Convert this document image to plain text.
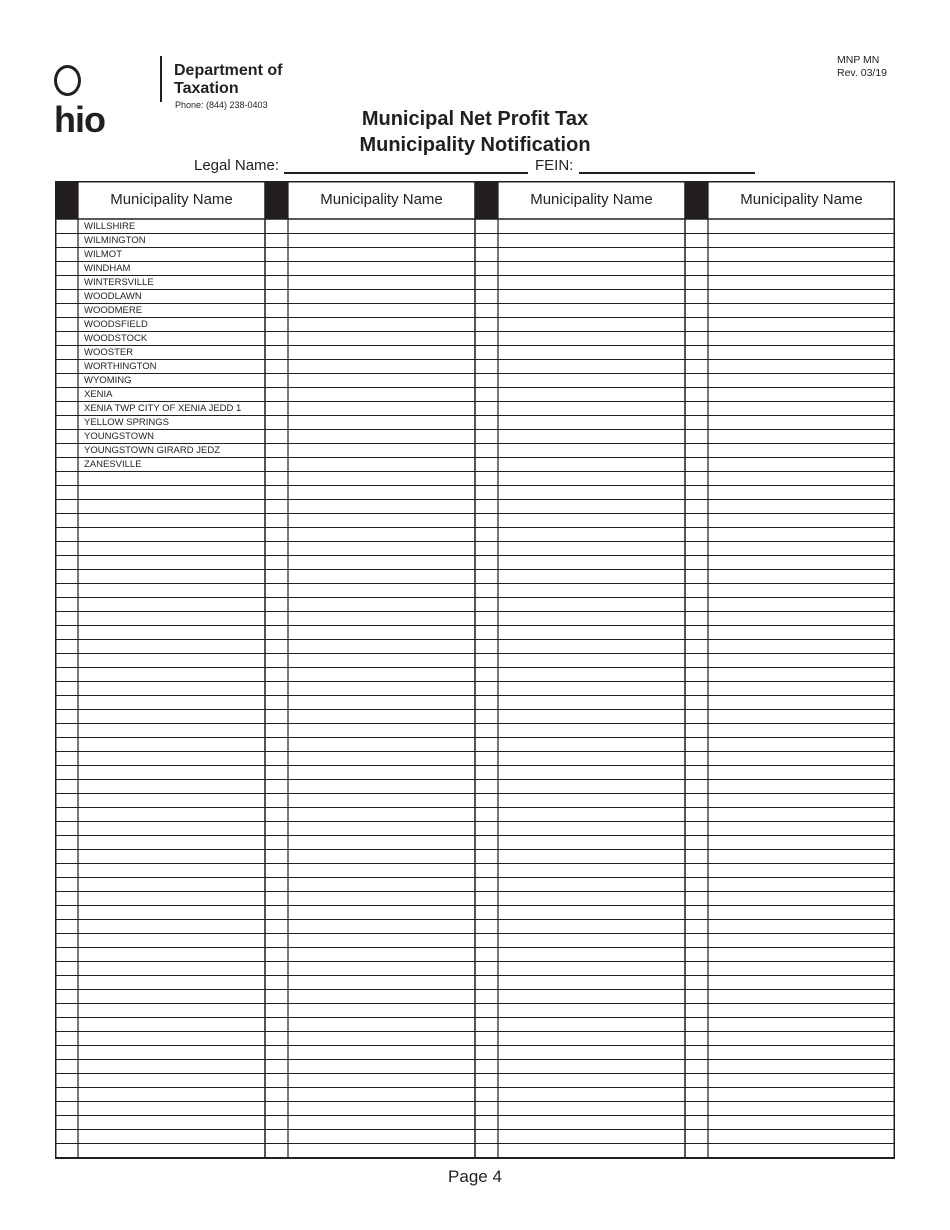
hio
Department of
Taxation
Phone: (844) 238-0403
MNP MN
Rev. 03/19
Municipal Net Profit Tax
Municipality Notification
Legal Name:	FEIN:
Municipality Name	Municipality Name	Municipality Name	Municipality Name
WILLSHIRE
WILMINGTON
WILMOT
WINDHAM
WINTERSVILLE
WOODLAWN
WOODMERE
WOODSFIELD
WOODSTOCK
WOOSTER
WORTHINGTON
WYOMING
XENIA
XENIA TWP CITY OF XENIA JEDD 1
YELLOW SPRINGS
YOUNGSTOWN
YOUNGSTOWN GIRARD JEDZ
ZANESVILLE
Page 4
